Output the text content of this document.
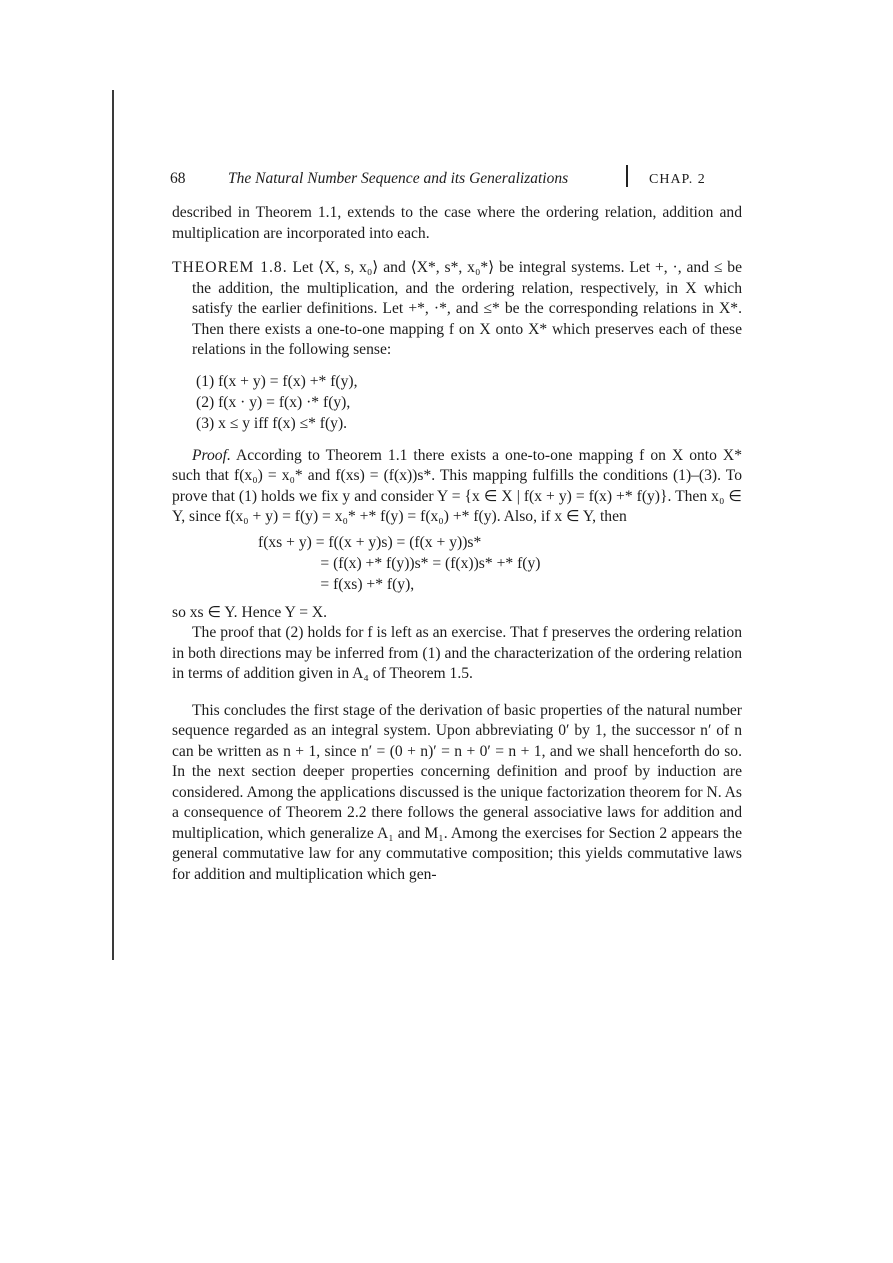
68	The Natural Number Sequence and its Generalizations	CHAP. 2

described in Theorem 1.1, extends to the case where the ordering relation, addition and multiplication are incorporated into each.

THEOREM 1.8. Let ⟨X, s, x₀⟩ and ⟨X*, s*, x₀*⟩ be integral systems. Let +, ·, and ≤ be the addition, the multiplication, and the ordering relation, respectively, in X which satisfy the earlier definitions. Let +*, ·*, and ≤* be the corresponding relations in X*. Then there exists a one-to-one mapping f on X onto X* which preserves each of these relations in the following sense:

(1) f(x + y) = f(x) +* f(y),
(2) f(x · y) = f(x) ·* f(y),
(3) x ≤ y iff f(x) ≤* f(y).

Proof. According to Theorem 1.1 there exists a one-to-one mapping f on X onto X* such that f(x₀) = x₀* and f(xs) = (f(x))s*. This mapping fulfills the conditions (1)–(3). To prove that (1) holds we fix y and consider Y = {x ∈ X | f(x + y) = f(x) +* f(y)}. Then x₀ ∈ Y, since f(x₀ + y) = f(y) = x₀* +* f(y) = f(x₀) +* f(y). Also, if x ∈ Y, then

f(xs + y) = f((x + y)s) = (f(x + y))s*
= (f(x) +* f(y))s* = (f(x))s* +* f(y)
= f(xs) +* f(y),

so xs ∈ Y. Hence Y = X.

The proof that (2) holds for f is left as an exercise. That f preserves the ordering relation in both directions may be inferred from (1) and the characterization of the ordering relation in terms of addition given in A₄ of Theorem 1.5.

This concludes the first stage of the derivation of basic properties of the natural number sequence regarded as an integral system. Upon abbreviating 0′ by 1, the successor n′ of n can be written as n + 1, since n′ = (0 + n)′ = n + 0′ = n + 1, and we shall henceforth do so. In the next section deeper properties concerning definition and proof by induction are considered. Among the applications discussed is the unique factorization theorem for N. As a consequence of Theorem 2.2 there follows the general associative laws for addition and multiplication, which generalize A₁ and M₁. Among the exercises for Section 2 appears the general commutative law for any commutative composition; this yields commutative laws for addition and multiplication which gen-
